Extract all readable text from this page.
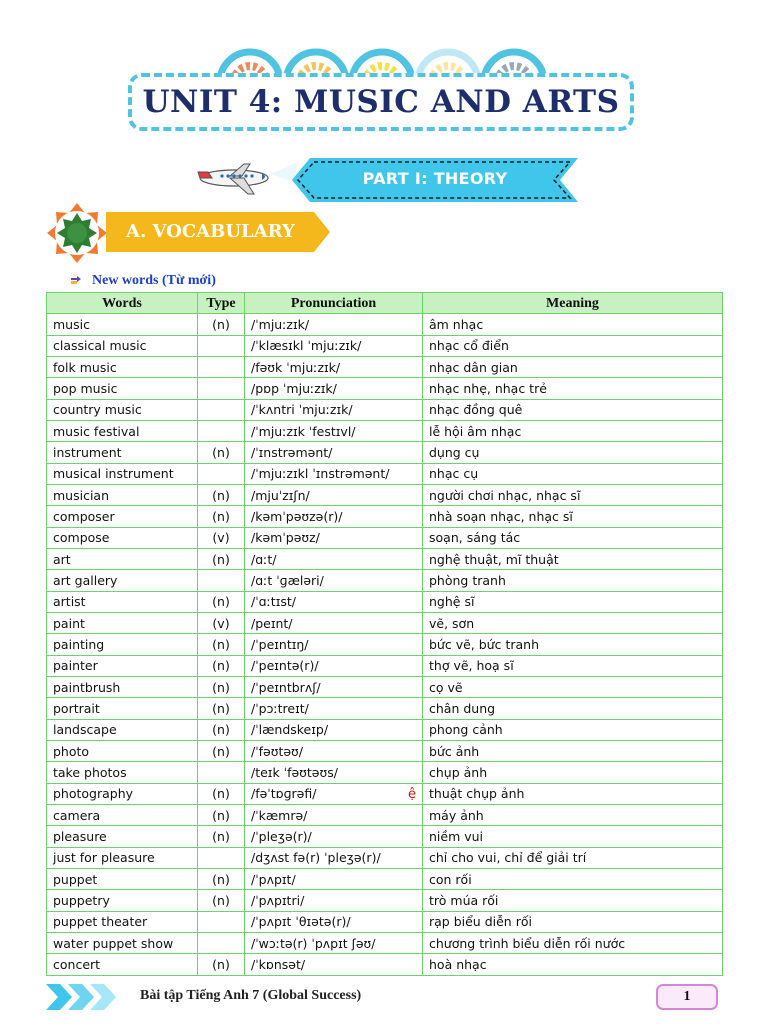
UNIT 4: MUSIC AND ARTS
PART I: THEORY
A. VOCABULARY
New words (Từ mới)
Words	Type	Pronunciation	Meaning
music	(n)	/ˈmjuːzɪk/	âm nhạc
classical music		/ˈklæsɪkl ˈmjuːzɪk/	nhạc cổ điển
folk music		/fəʊk ˈmjuːzɪk/	nhạc dân gian
pop music		/pɒp ˈmjuːzɪk/	nhạc nhẹ, nhạc trẻ
country music		/ˈkʌntri ˈmjuːzɪk/	nhạc đồng quê
music festival		/ˈmjuːzɪk ˈfestɪvl/	lễ hội âm nhạc
instrument	(n)	/ˈɪnstrəmənt/	dụng cụ
musical instrument		/ˈmjuːzɪkl ˈɪnstrəmənt/	nhạc cụ
musician	(n)	/mjuˈzɪʃn/	người chơi nhạc, nhạc sĩ
composer	(n)	/kəmˈpəʊzə(r)/	nhà soạn nhạc, nhạc sĩ
compose	(v)	/kəmˈpəʊz/	soạn, sáng tác
art	(n)	/ɑːt/	nghệ thuật, mĩ thuật
art gallery		/ɑːt ˈɡæləri/	phòng tranh
artist	(n)	/ˈɑːtɪst/	nghệ sĩ
paint	(v)	/peɪnt/	vẽ, sơn
painting	(n)	/ˈpeɪntɪŋ/	bức vẽ, bức tranh
painter	(n)	/ˈpeɪntə(r)/	thợ vẽ, hoạ sĩ
paintbrush	(n)	/ˈpeɪntbrʌʃ/	cọ vẽ
portrait	(n)	/ˈpɔːtreɪt/	chân dung
landscape	(n)	/ˈlændskeɪp/	phong cảnh
photo	(n)	/ˈfəʊtəʊ/	bức ảnh
take photos		/teɪk ˈfəʊtəʊs/	chụp ảnh
photography	(n)	/fəˈtɒɡrəfi/	thuật chụp ảnh
camera	(n)	/ˈkæmrə/	máy ảnh
pleasure	(n)	/ˈpleʒə(r)/	niềm vui
just for pleasure		/dʒʌst fə(r) ˈpleʒə(r)/	chỉ cho vui, chỉ để giải trí
puppet	(n)	/ˈpʌpɪt/	con rối
puppetry	(n)	/ˈpʌpɪtri/	trò múa rối
puppet theater		/ˈpʌpɪt ˈθɪətə(r)/	rạp biểu diễn rối
water puppet show		/ˈwɔːtə(r) ˈpʌpɪt ʃəʊ/	chương trình biểu diễn rối nước
concert	(n)	/ˈkɒnsət/	hoà nhạc
ệ
Bài tập Tiếng Anh 7 (Global Success)	1
